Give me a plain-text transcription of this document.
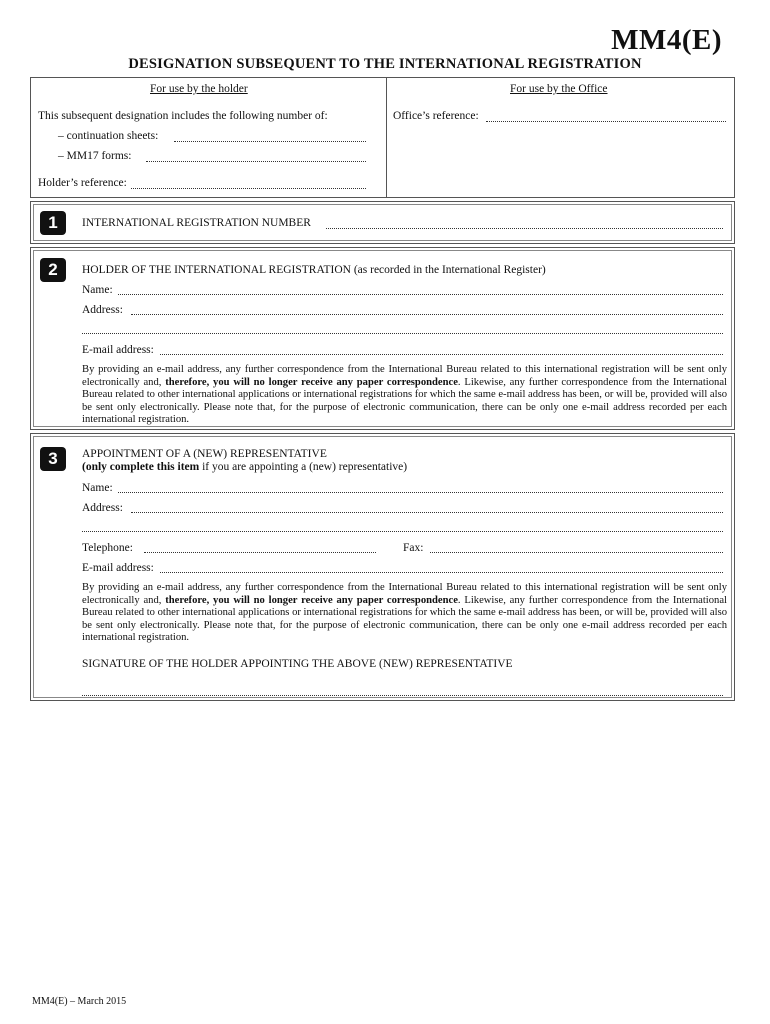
MM4(E)
DESIGNATION SUBSEQUENT TO THE INTERNATIONAL REGISTRATION
For use by the holder	For use by the Office
This subsequent designation includes the following number of:	Office’s reference:
– continuation sheets:
– MM17 forms:
Holder’s reference:
1	INTERNATIONAL REGISTRATION NUMBER
2	HOLDER OF THE INTERNATIONAL REGISTRATION (as recorded in the International Register)
Name:
Address:
E-mail address:
By providing an e-mail address, any further correspondence from the International Bureau related to this international registration will be sent only electronically and, therefore, you will no longer receive any paper correspondence. Likewise, any further correspondence from the International Bureau related to other international applications or international registrations for which the same e-mail address has been, or will be, provided will also be sent only electronically. Please note that, for the purpose of electronic communication, there can be only one e-mail address recorded per each international registration.
3	APPOINTMENT OF A (NEW) REPRESENTATIVE
(only complete this item if you are appointing a (new) representative)
Name:
Address:
Telephone:	Fax:
E-mail address:
By providing an e-mail address, any further correspondence from the International Bureau related to this international registration will be sent only electronically and, therefore, you will no longer receive any paper correspondence. Likewise, any further correspondence from the International Bureau related to other international applications or international registrations for which the same e-mail address has been, or will be, provided will also be sent only electronically. Please note that, for the purpose of electronic communication, there can be only one e-mail address recorded per each international registration.
SIGNATURE OF THE HOLDER APPOINTING THE ABOVE (NEW) REPRESENTATIVE
MM4(E) – March 2015
